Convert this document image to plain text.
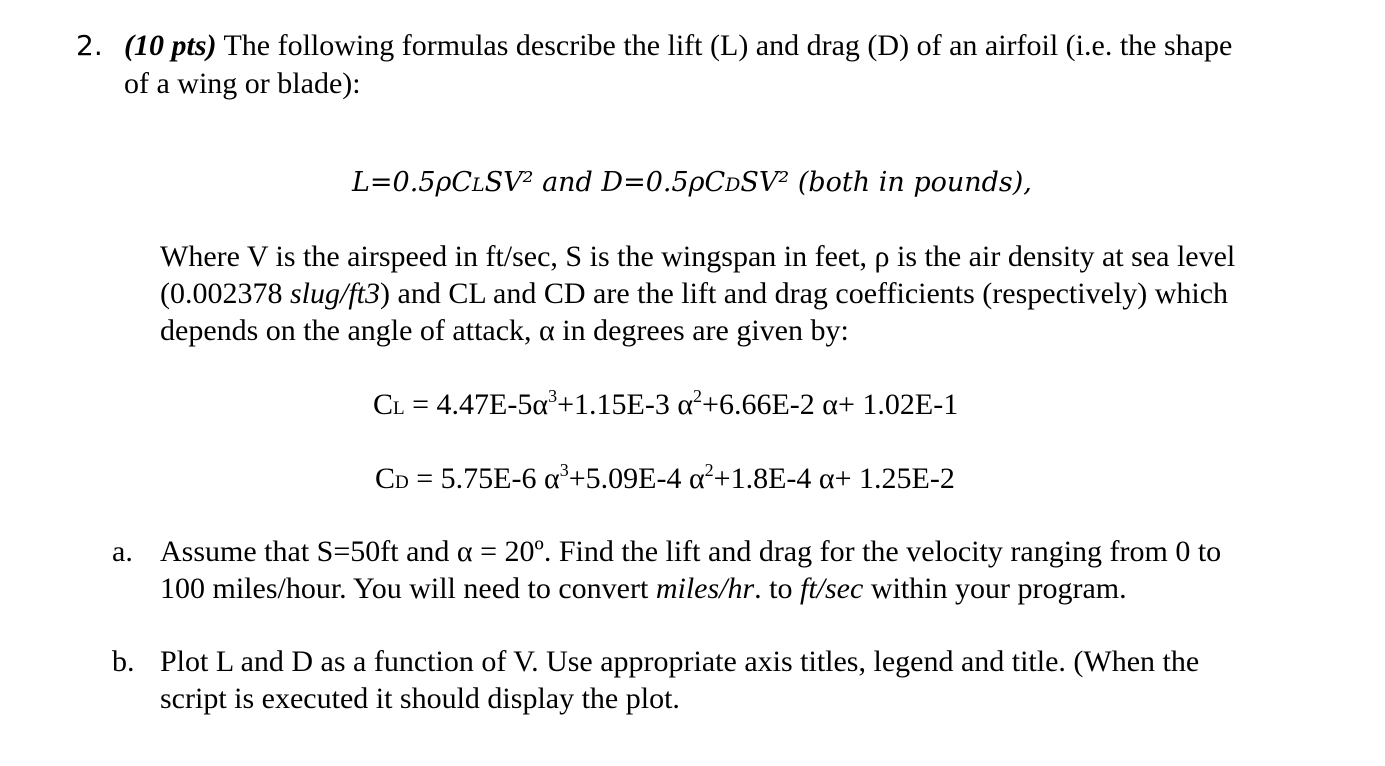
2. (10 pts) The following formulas describe the lift (L) and drag (D) of an airfoil (i.e. the shape
of a wing or blade):
L=0.5ρCLSV² and D=0.5ρCDSV² (both in pounds),
Where V is the airspeed in ft/sec, S is the wingspan in feet, ρ is the air density at sea level
(0.002378 slug/ft3) and CL and CD are the lift and drag coefficients (respectively) which
depends on the angle of attack, α in degrees are given by:
CL = $4.47E-5\alpha^3+1.15E-3$ $\alpha^2+6.66E-2$ α+ 1.02E-1
CD = 5.75E-6 $\alpha^3+5.09E-4$ $\alpha^2+1.8E-4$ α+ 1.25E-2
a. Assume that S=50ft and α = 20º. Find the lift and drag for the velocity ranging from 0 to
100 miles/hour. You will need to convert miles/hr. to ft/sec within your program.
b. Plot L and D as a function of V. Use appropriate axis titles, legend and title. (When the
script is executed it should display the plot.
